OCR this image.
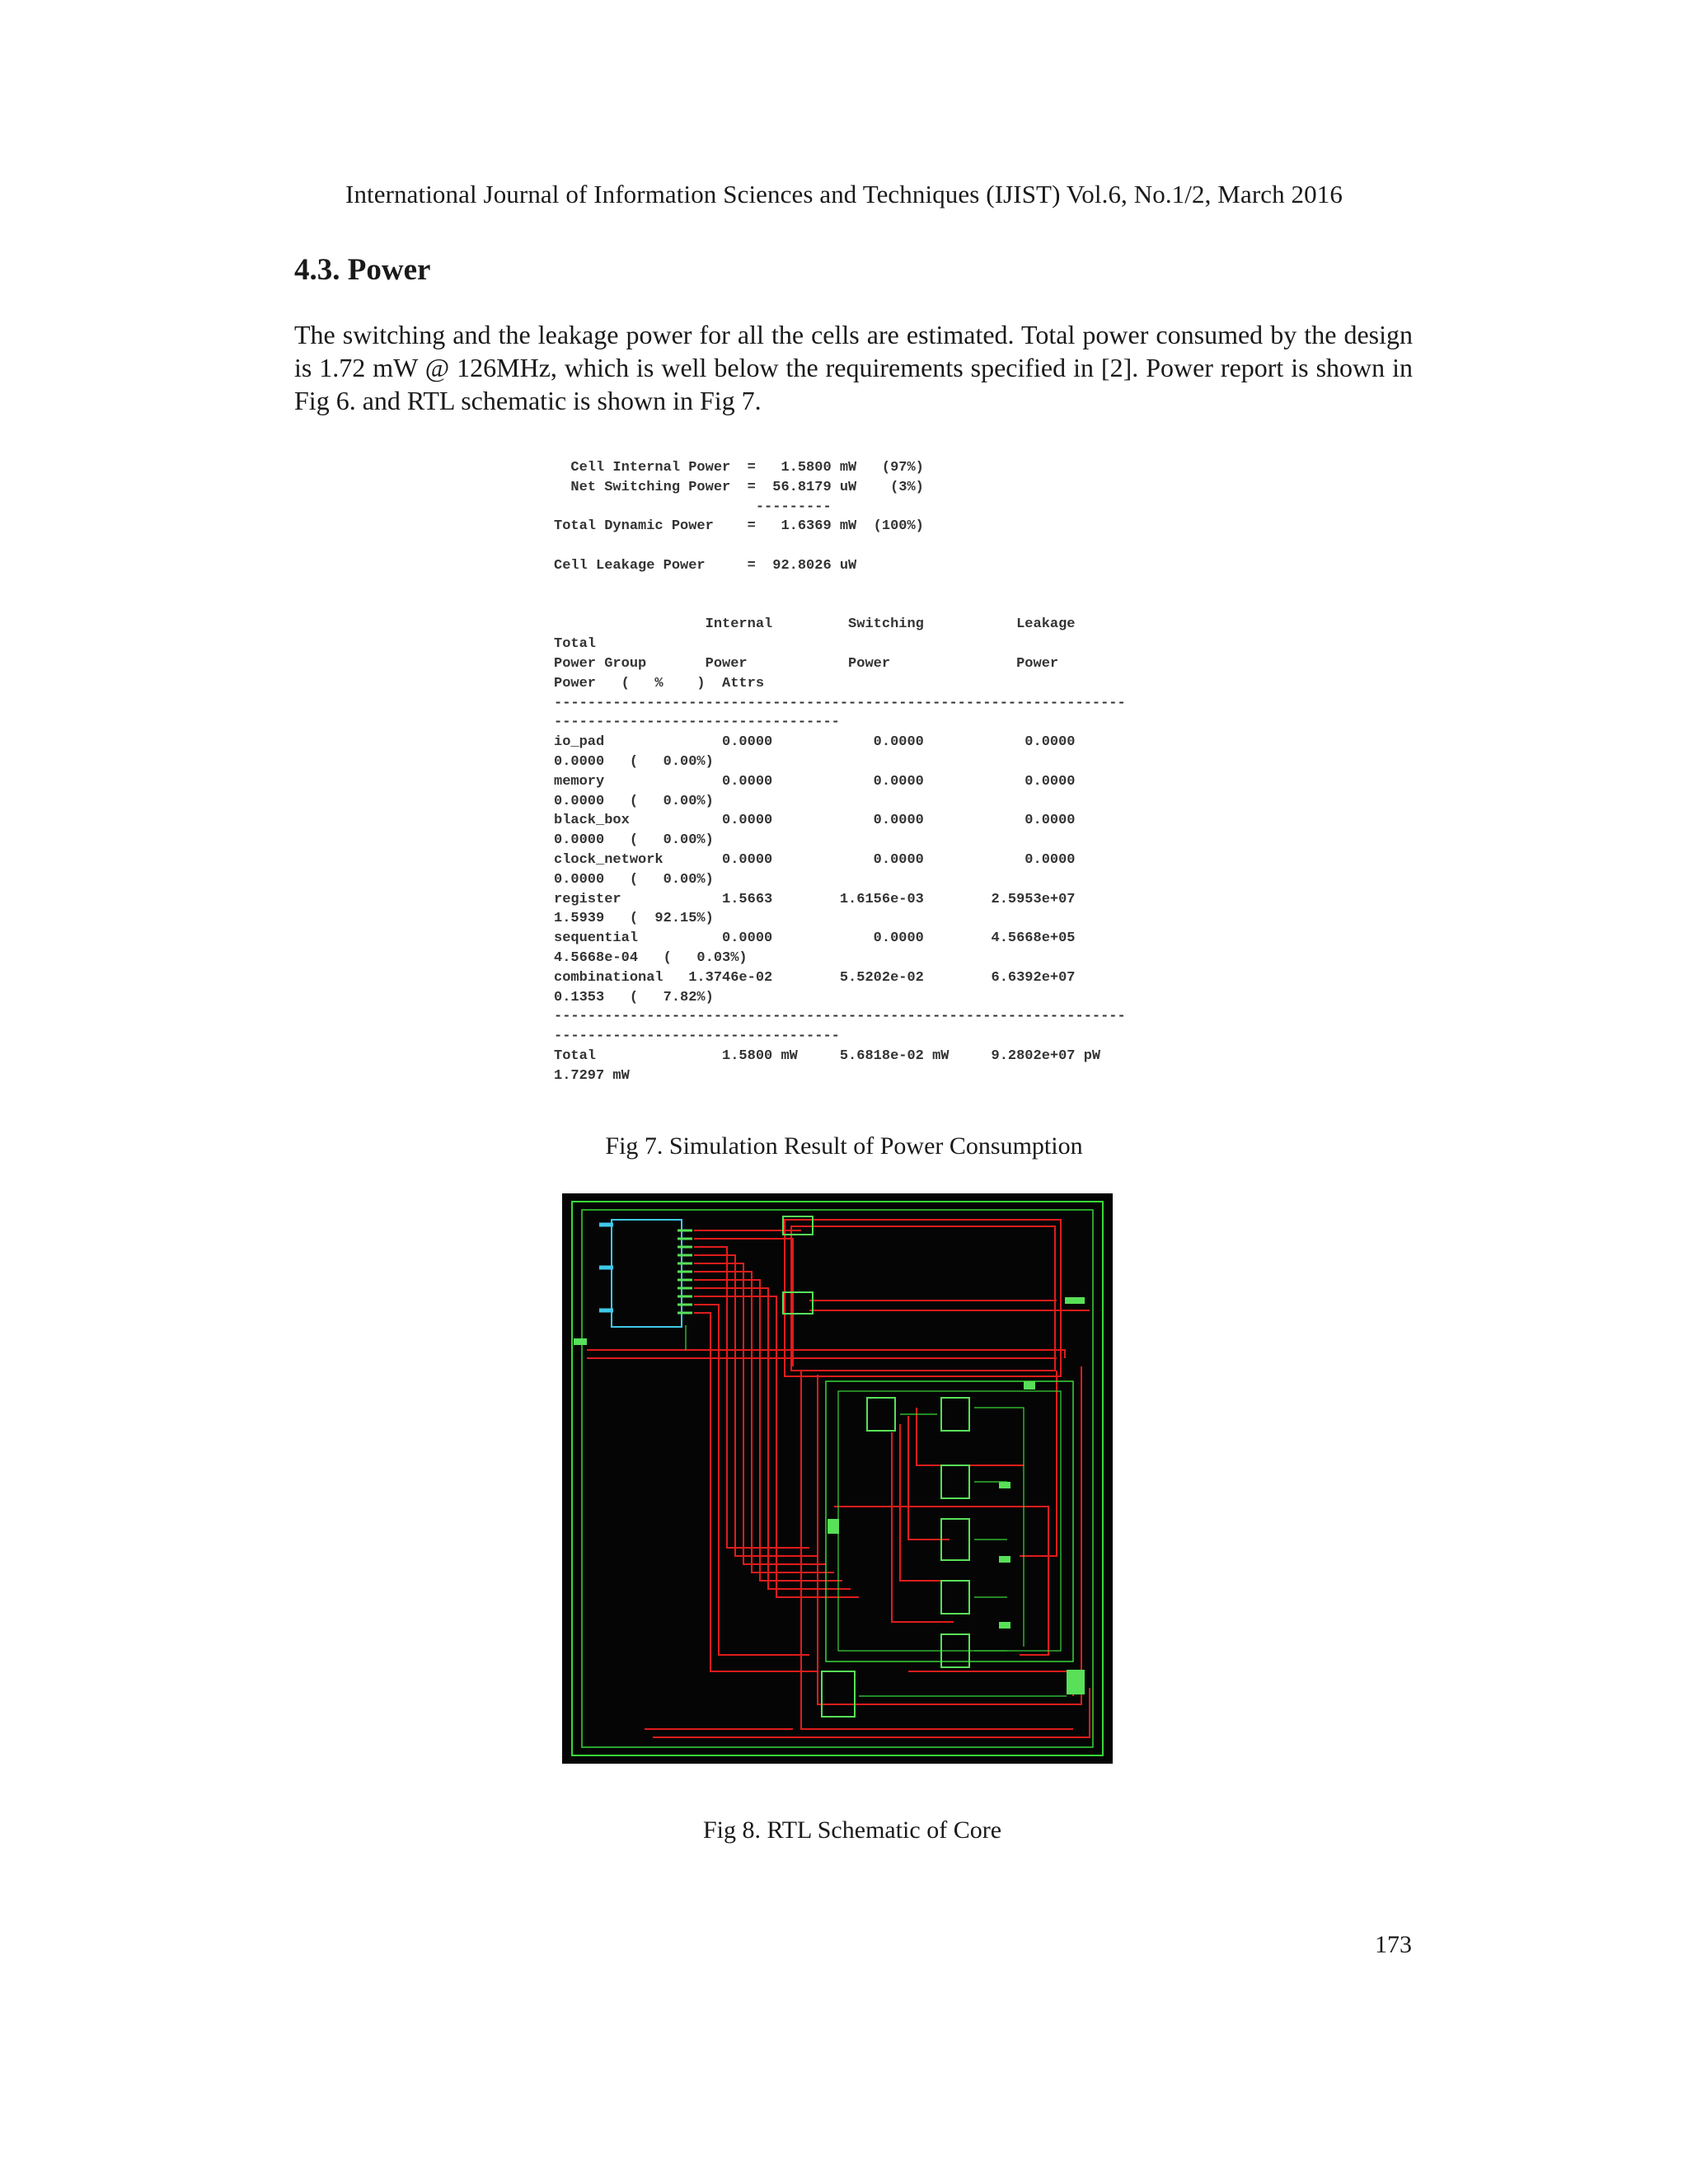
International Journal of Information Sciences and Techniques (IJIST) Vol.6, No.1/2, March 2016
4.3. Power

The switching and the leakage power for all the cells are estimated. Total power consumed by the design is 1.72 mW @ 126MHz, which is well below the requirements specified in [2]. Power report is shown in Fig 6. and RTL schematic is shown in Fig 7.

Cell Internal Power  =   1.5800 mW   (97%)
Net Switching Power  =  56.8179 uW    (3%)
---------
Total Dynamic Power    =   1.6369 mW  (100%)

Cell Leakage Power     =  92.8026 uW

Internal         Switching           Leakage
Total
Power Group       Power            Power               Power
Power   (   %    )  Attrs
--------------------------------------------------------------------
----------------------------------
io_pad              0.0000            0.0000            0.0000
0.0000   (   0.00%)
memory              0.0000            0.0000            0.0000
0.0000   (   0.00%)
black_box           0.0000            0.0000            0.0000
0.0000   (   0.00%)
clock_network       0.0000            0.0000            0.0000
0.0000   (   0.00%)
register            1.5663        1.6156e-03        2.5953e+07
1.5939   (  92.15%)
sequential          0.0000            0.0000        4.5668e+05
4.5668e-04   (   0.03%)
combinational   1.3746e-02        5.5202e-02        6.6392e+07
0.1353   (   7.82%)
--------------------------------------------------------------------
----------------------------------
Total               1.5800 mW     5.6818e-02 mW     9.2802e+07 pW
1.7297 mW

Fig 7. Simulation Result of Power Consumption
Fig 8. RTL Schematic of Core
173
